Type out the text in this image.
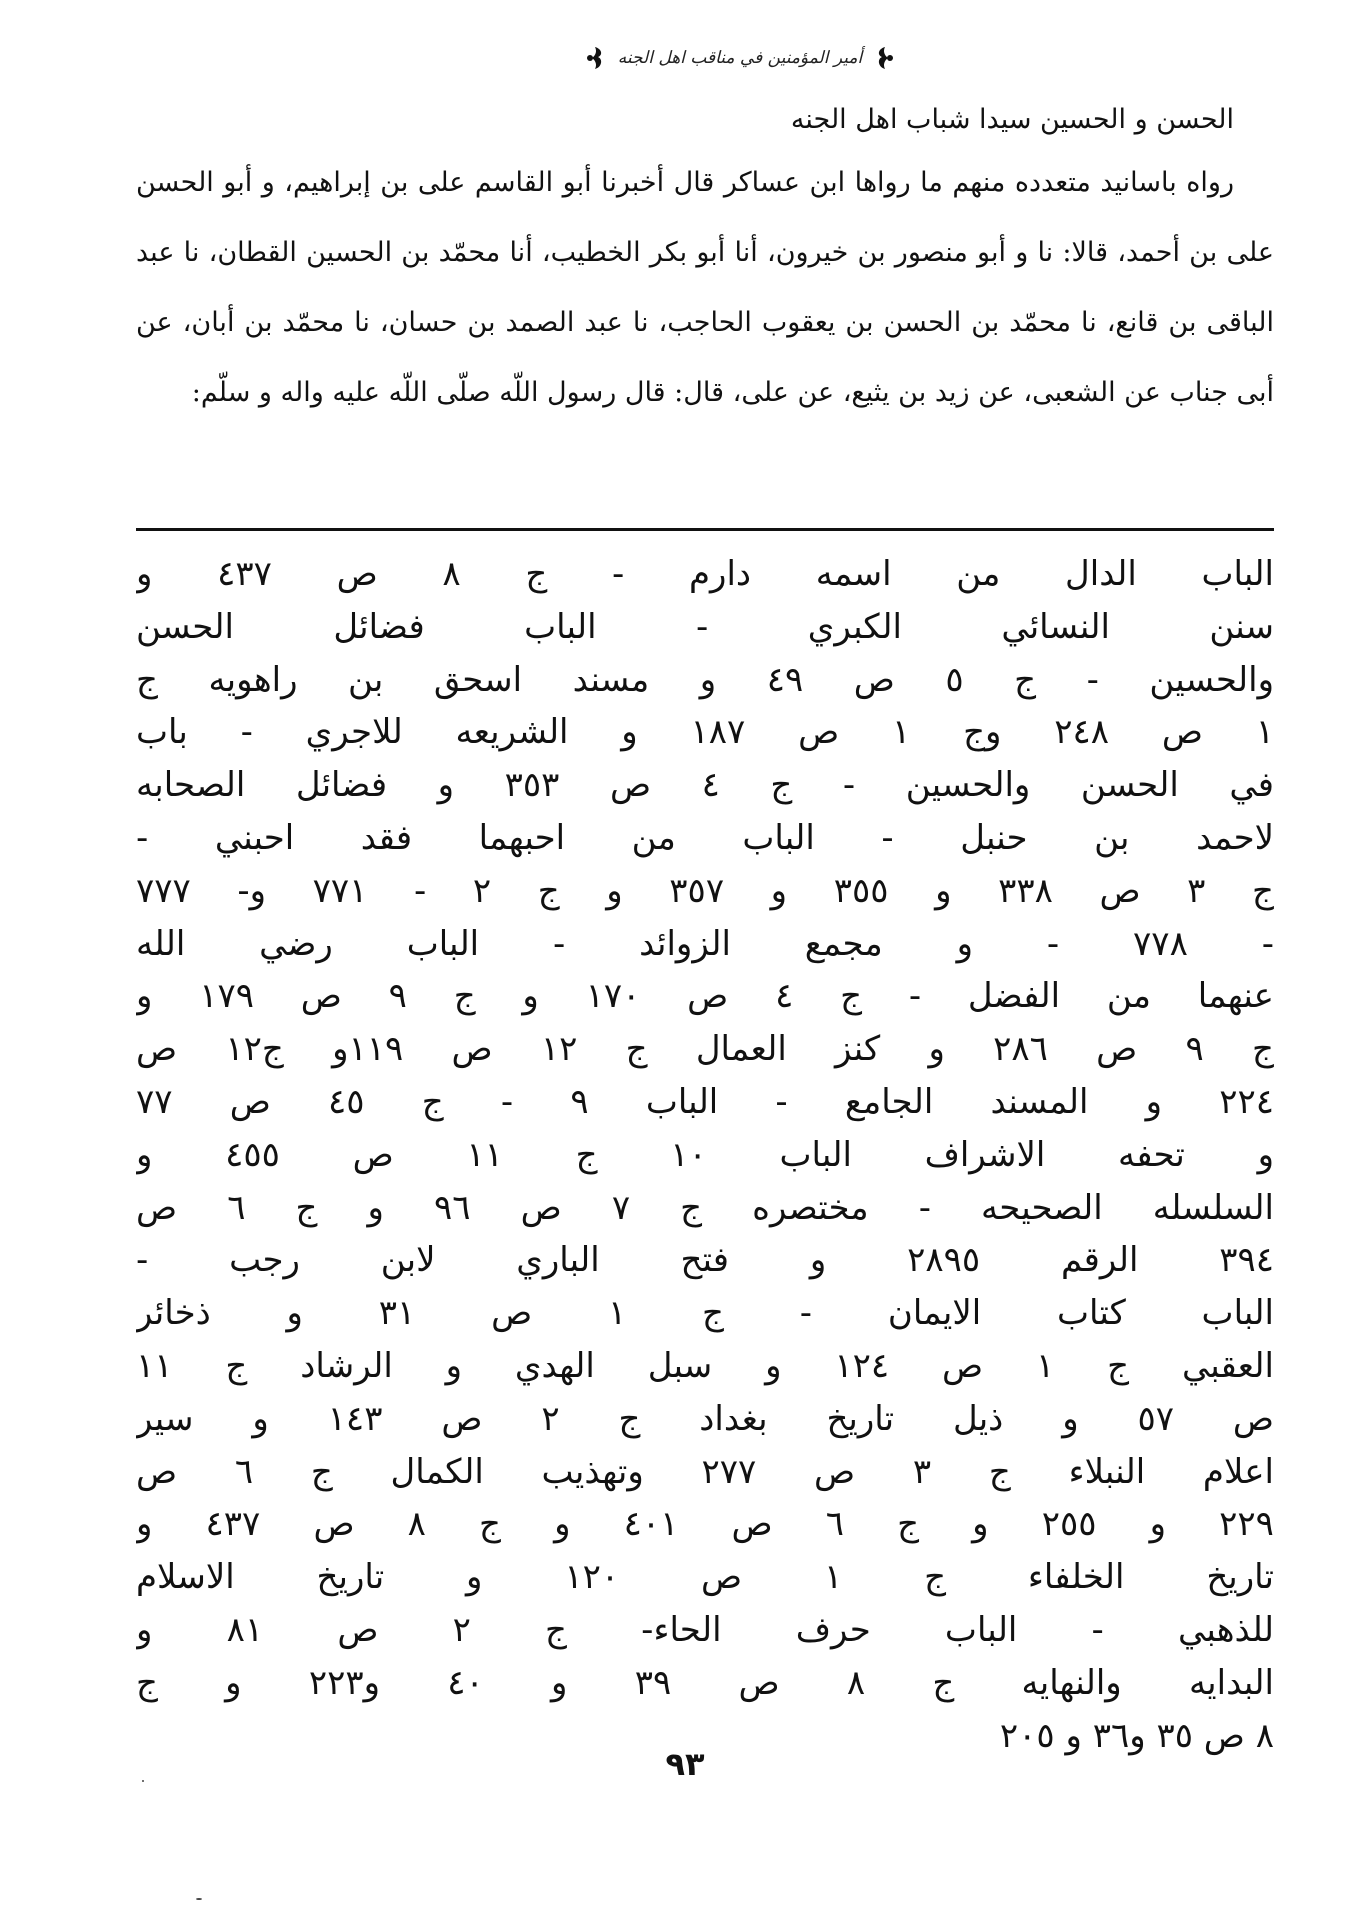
أمير المؤمنين في مناقب اهل الجنه
الحسن و الحسين سيدا شباب اهل الجنه

رواه باسانيد متعدده منهم ما رواها ابن عساكر قال أخبرنا أبو القاسم على بن إبراهيم، و أبو الحسن على بن أحمد، قالا: نا و أبو منصور بن خيرون، أنا أبو بكر الخطيب، أنا محمّد بن الحسين القطان، نا عبد الباقى بن قانع، نا محمّد بن الحسن بن يعقوب الحاجب، نا عبد الصمد بن حسان، نا محمّد بن أبان، عن أبى جناب عن الشعبى، عن زيد بن يثيع، عن على، قال: قال رسول اللّه صلّى اللّه عليه واله و سلّم:

الباب الدال من اسمه دارم - ج ٨ ص ٤٣٧ و

سنن النسائي الكبري - الباب فضائل الحسن

والحسين - ج ٥ ص ٤٩ و مسند اسحق بن راهويه ج

١ ص ٢٤٨ وج ١ ص ١٨٧ و الشريعه للاجري - باب

في الحسن والحسين - ج ٤ ص ٣٥٣ و فضائل الصحابه

لاحمد بن حنبل - الباب من احبهما فقد احبني -

ج ٣ ص ٣٣٨ و ٣٥٥ و ٣٥٧ و ج ٢ - ٧٧١ و- ٧٧٧

- ٧٧٨ - و مجمع الزوائد - الباب رضي الله

عنهما من الفضل - ج ٤ ص ١٧٠ و ج ٩ ص ١٧٩ و

ج ٩ ص ٢٨٦ و كنز العمال ج ١٢ ص ١١٩و ج١٢ ص

٢٢٤ و المسند الجامع - الباب ٩ - ج ٤٥ ص ٧٧

و تحفه الاشراف الباب ١٠ ج ١١ ص ٤٥٥ و

السلسله الصحيحه - مختصره ج ٧ ص ٩٦ و ج ٦ ص

٣٩٤ الرقم ٢٨٩٥ و فتح الباري لابن رجب -

الباب كتاب الايمان - ج ١ ص ٣١ و ذخائر

العقبي ج ١ ص ١٢٤ و سبل الهدي و الرشاد ج ١١

ص ٥٧ و ذيل تاريخ بغداد ج ٢ ص ١٤٣ و سير

اعلام النبلاء ج ٣ ص ٢٧٧ وتهذيب الكمال ج ٦ ص

٢٢٩ و ٢٥٥ و ج ٦ ص ٤٠١ و ج ٨ ص ٤٣٧ و

تاريخ الخلفاء ج ١ ص ١٢٠ و تاريخ الاسلام

للذهبي - الباب حرف الحاء- ج ٢ ص ٨١ و

البدايه والنهايه ج ٨ ص ٣٩ و ٤٠ و٢٢٣ و ج

٨ ص ٣٥ و٣٦ و ٢٠٥

٩٣
